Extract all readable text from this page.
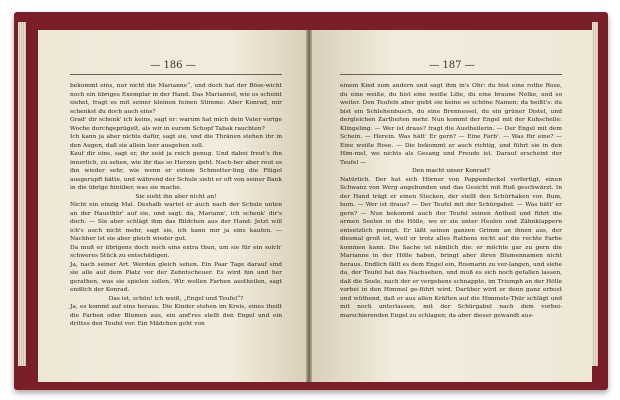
— 186 —

bekommt eins, nur nicht die Marianne“, und doch hat der Böse-wicht noch ein übriges Exemplar in der Hand. Das Mariannel, wie es scheint siehet, fragt es mit seiner kleinen feinen Stimme: Aber Konrad, mir schenkst du doch auch eins?

Grad' dir schenk' ich keins, sagt er: warum hat mich dein Vater vorige Woche durchgeprügelt, als wir in eurem Schopf Tabak rauchten?

Ich kann ja aber nichts dafür, sagt sie, und die Thränen stehen ihr in den Augen, daß sie allein leer ausgehen soll.

Kauf dir eins, sagt er, ihr seid ja reich genug. Und dabei freut's ihn innerlich, zu sehen, wie ihr das so Herzen geht. Nach-her aber reut es ihn wieder sehr, wie wenn er einem Schmetter-ling die Flügel ausgerupft hätte, und während der Schule sieht er oft von seiner Bank in die übrige hinüber, was sie mache.

Sie sieht ihn aber nicht an!

Nicht ein einzig Mal. Deshalb wartet er auch nach der Schule unten an der Hausthür' auf sie, und sagt: da, Mariann', ich schenk' dir's doch. — Sie aber schlägt ihm das Bildchen aus der Hand: Jetzt will ich's auch nicht mehr, sagt sie, ich kann mir ja eins kaufen. — Nachher ist sie aber gleich wieder gut.

Da muß er übrigens doch noch eins extra thun, um sie für ein solch' schweres Stück zu entschädigen.

Ja, nach seiner Art. Werden gleich sehen. Ein Paar Tage darauf sind sie alle auf dem Platz vor der Zehntscheuer. Es wird hin und her gerathen, was sie spielen sollen. Wir wollen Farben austheilen, sagt endlich der Konrad.

Das ist, schön! ich weiß, „Engel und Teufel“?

Ja, es kommt auf eins heraus. Die Kinder stehen im Kreis, eines theilt die Farben oder Blumen aus, ein and'res stellt den Engel und ein drittes den Teufel vor. Ein Mädchen geht von

— 187 —

einem Kind zum andern und sagt ihm in's Ohr: du bist eine rothe Rose, du eine weiße, du bist eine weiße Lilie, du eine braune Nelke, und so weiter. Den Teufeln aber giebt sie keine so schöne Namen; da heißt's: du bist ein Schlehenbusch, du eine Brennessel, du ein grüner Distel, und dergleichen Zartheiten mehr. Nun kommt der Engel mit der Kuhschelle: Klingeling. — Wer ist draus? fragt die Austheilerin. — Der Engel mit dem Schein. — Herein. Was hätt' Er gern? — Eine Farb'. — Was für eine? — Eine weiße Rose. — Die bekommt er auch richtig, und führt sie in den Him-mel, wo nichts als Gesang und Freude ist. Darauf erscheint der Teufel —

Den macht unser Konrad?

Natürlich. Der hat sich Hörner von Pappendeckel verfertigt, einen Schwanz von Werg angebunden und das Gesicht mit Ruß geschwärzt. In der Hand trägt er einen Stecken, der stellt den Schürhaken vor. Bum, bum. — Wer ist draus? — Der Teufel mit der Schürgabel. — Was hätt' er gern? — Nun bekommt auch der Teufel seinen Antheil und führt die armen Seelen in die Hölle, wo er sie unter Heulen und Zähnklappern entsetzlich peinigt. Er läßt seinen ganzen Grimm an ihnen aus, der diesmal groß ist, weil er trotz alles Rathens nicht auf die rechte Farbe kommen kann. Die Sache ist nämlich die: er möchte gar zu gern die Marianne in der Hölle haben, bringt aber ihren Blumennamen nicht heraus. Endlich fällt es dem Engel ein, Rosmarin zu ver-langen, und siehe da, der Teufel hat das Nachsehen, und muß es sich noch gefallen lassen, daß die Seele, nach der er vergebens schnappte, im Triumph an der Hölle vorbei in den Himmel ge-führt wird. Darüber wird er denn ganz erbost und wüthend, daß er aus allen Kräften auf die Himmels-Thür schlägt und mit noch unterlassen, mit der Schürgabel nach dem vorbei-marschierenden Engel zu schlagen; da aber dieser gewandt aus-
